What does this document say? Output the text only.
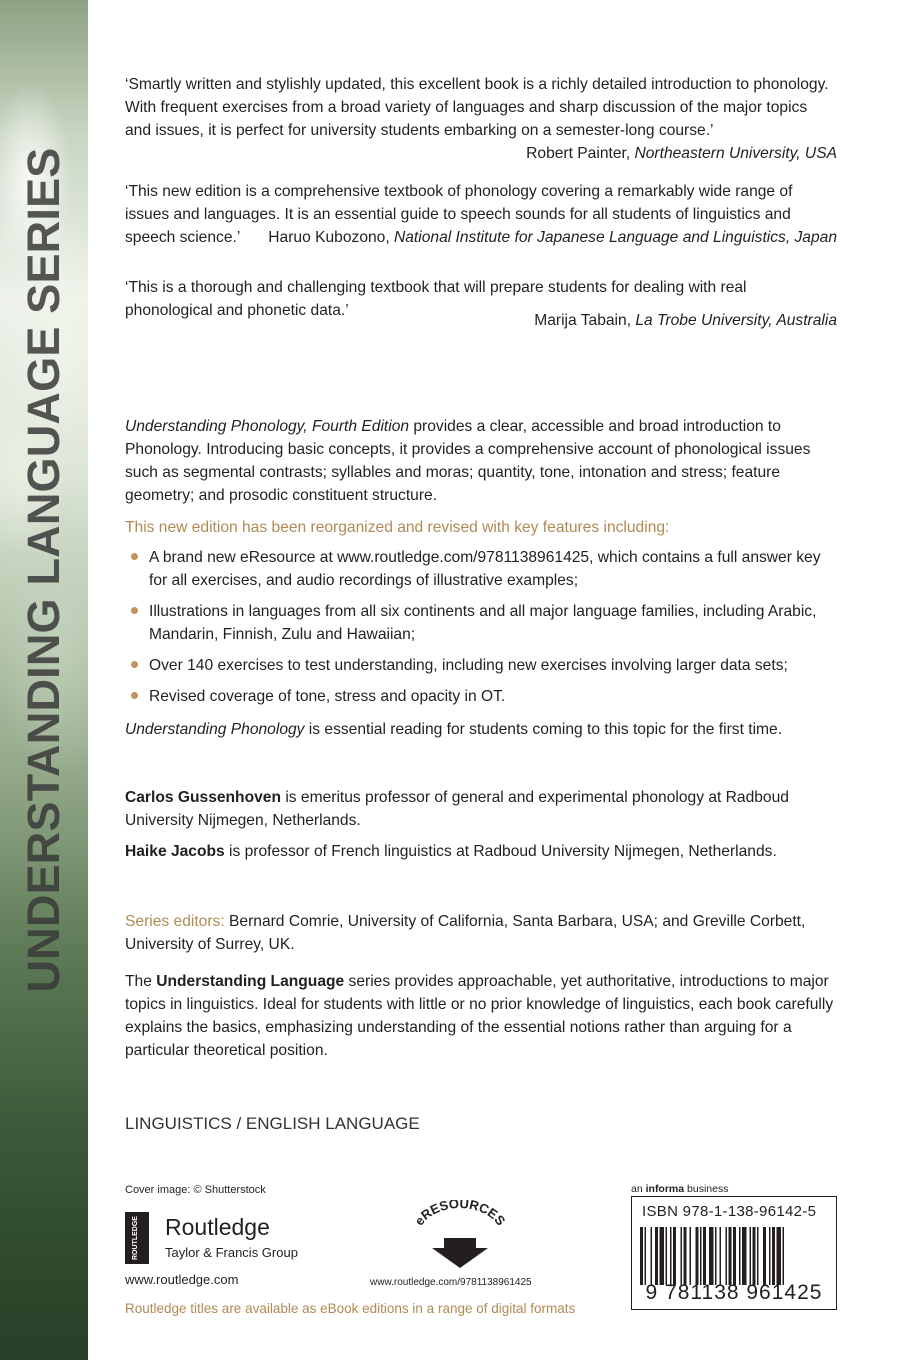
UNDERSTANDING LANGUAGE SERIES

‘Smartly written and stylishly updated, this excellent book is a richly detailed introduction to phonology. With frequent exercises from a broad variety of languages and sharp discussion of the major topics and issues, it is perfect for university students embarking on a semester-long course.’

Robert Painter, Northeastern University, USA

‘This new edition is a comprehensive textbook of phonology covering a remarkably wide range of issues and languages. It is an essential guide to speech sounds for all students of linguistics and speech science.’	Haruo Kubozono, National Institute for Japanese Language and Linguistics, Japan

‘This is a thorough and challenging textbook that will prepare students for dealing with real phonological and phonetic data.’

Marija Tabain, La Trobe University, Australia

Understanding Phonology, Fourth Edition provides a clear, accessible and broad introduction to Phonology. Introducing basic concepts, it provides a comprehensive account of phonological issues such as segmental contrasts; syllables and moras; quantity, tone, intonation and stress; feature geometry; and prosodic constituent structure.

This new edition has been reorganized and revised with key features including:
A brand new eResource at www.routledge.com/9781138961425, which contains a full answer key for all exercises, and audio recordings of illustrative examples;
Illustrations in languages from all six continents and all major language families, including Arabic, Mandarin, Finnish, Zulu and Hawaiian;
Over 140 exercises to test understanding, including new exercises involving larger data sets;
Revised coverage of tone, stress and opacity in OT.

Understanding Phonology is essential reading for students coming to this topic for the first time.

Carlos Gussenhoven is emeritus professor of general and experimental phonology at Radboud University Nijmegen, Netherlands.

Haike Jacobs is professor of French linguistics at Radboud University Nijmegen, Netherlands.

Series editors: Bernard Comrie, University of California, Santa Barbara, USA; and Greville Corbett, University of Surrey, UK.

The Understanding Language series provides approachable, yet authoritative, introductions to major topics in linguistics. Ideal for students with little or no prior knowledge of linguistics, each book carefully explains the basics, emphasizing understanding of the essential notions rather than arguing for a particular theoretical position.

LINGUISTICS / ENGLISH LANGUAGE
Cover image: © Shutterstock
ROUTLEDGE Routledge
Taylor & Francis Group
www.routledge.com
eRESOURCES
www.routledge.com/9781138961425
an informa business
ISBN 978-1-138-96142-5
9 781138 961425
Routledge titles are available as eBook editions in a range of digital formats
